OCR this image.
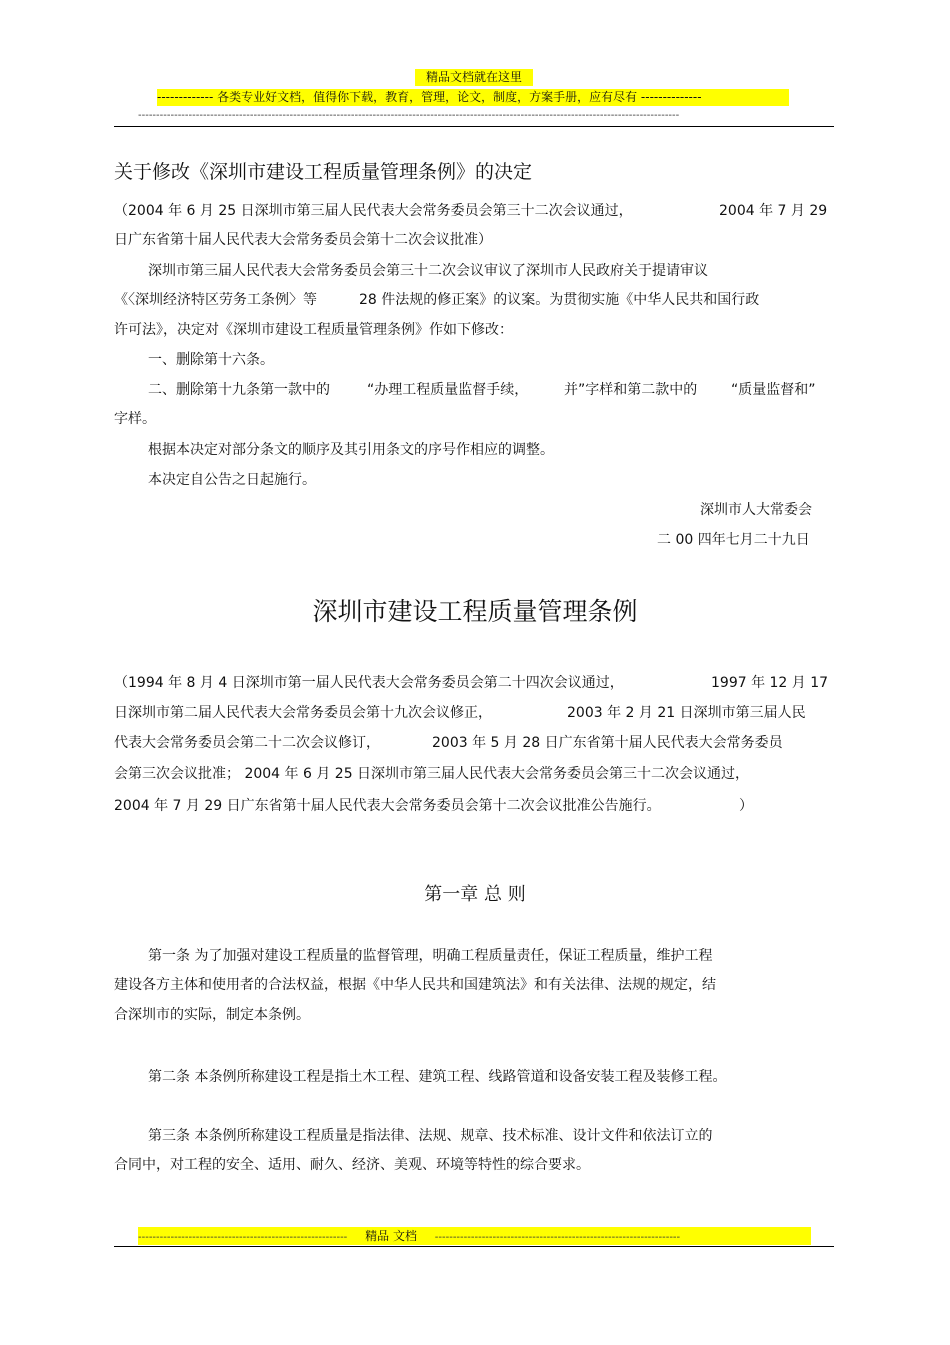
精品文档就在这里
------------- 各类专业好文档，值得你下载，教育，管理，论文，制度，方案手册，应有尽有 --------------
------------------------------------------------------------------------------------------------------------------------------------------------------
关于修改《深圳市建设工程质量管理条例》的决定
（2004 年 6 月 25 日深圳市第三届人民代表大会常务委员会第三十二次会议通过，	2004 年 7 月 29
日广东省第十届人民代表大会常务委员会第十二次会议批准）
深圳市第三届人民代表大会常务委员会第三十二次会议审议了深圳市人民政府关于提请审议
《〈深圳经济特区劳务工条例〉等	28 件法规的修正案》的议案。为贯彻实施《中华人民共和国行政
许可法》，决定对《深圳市建设工程质量管理条例》作如下修改：
一、删除第十六条。
二、删除第十九条第一款中的	“办理工程质量监督手续，	并”字样和第二款中的 “质量监督和”
字样。
根据本决定对部分条文的顺序及其引用条文的序号作相应的调整。
本决定自公告之日起施行。
深圳市人大常委会
二 00 四年七月二十九日
深圳市建设工程质量管理条例
（1994 年 8 月 4 日深圳市第一届人民代表大会常务委员会第二十四次会议通过，	1997 年 12 月 17
日深圳市第二届人民代表大会常务委员会第十九次会议修正，	2003 年 2 月 21 日深圳市第三届人民
代表大会常务委员会第二十二次会议修订，	2003 年 5 月 28 日广东省第十届人民代表大会常务委员
会第三次会议批准； 2004 年 6 月 25 日深圳市第三届人民代表大会常务委员会第三十二次会议通过，
2004 年 7 月 29 日广东省第十届人民代表大会常务委员会第十二次会议批准公告施行。	）
第一章 总 则
第一条 为了加强对建设工程质量的监督管理，明确工程质量责任，保证工程质量，维护工程
建设各方主体和使用者的合法权益，根据《中华人民共和国建筑法》和有关法律、法规的规定，结
合深圳市的实际，制定本条例。
第二条 本条例所称建设工程是指土木工程、建筑工程、线路管道和设备安装工程及装修工程。
第三条 本条例所称建设工程质量是指法律、法规、规章、技术标准、设计文件和依法订立的
合同中，对工程的安全、适用、耐久、经济、美观、环境等特性的综合要求。
---------------------------------------------------------- 精品 文档 --------------------------------------------------------------------
